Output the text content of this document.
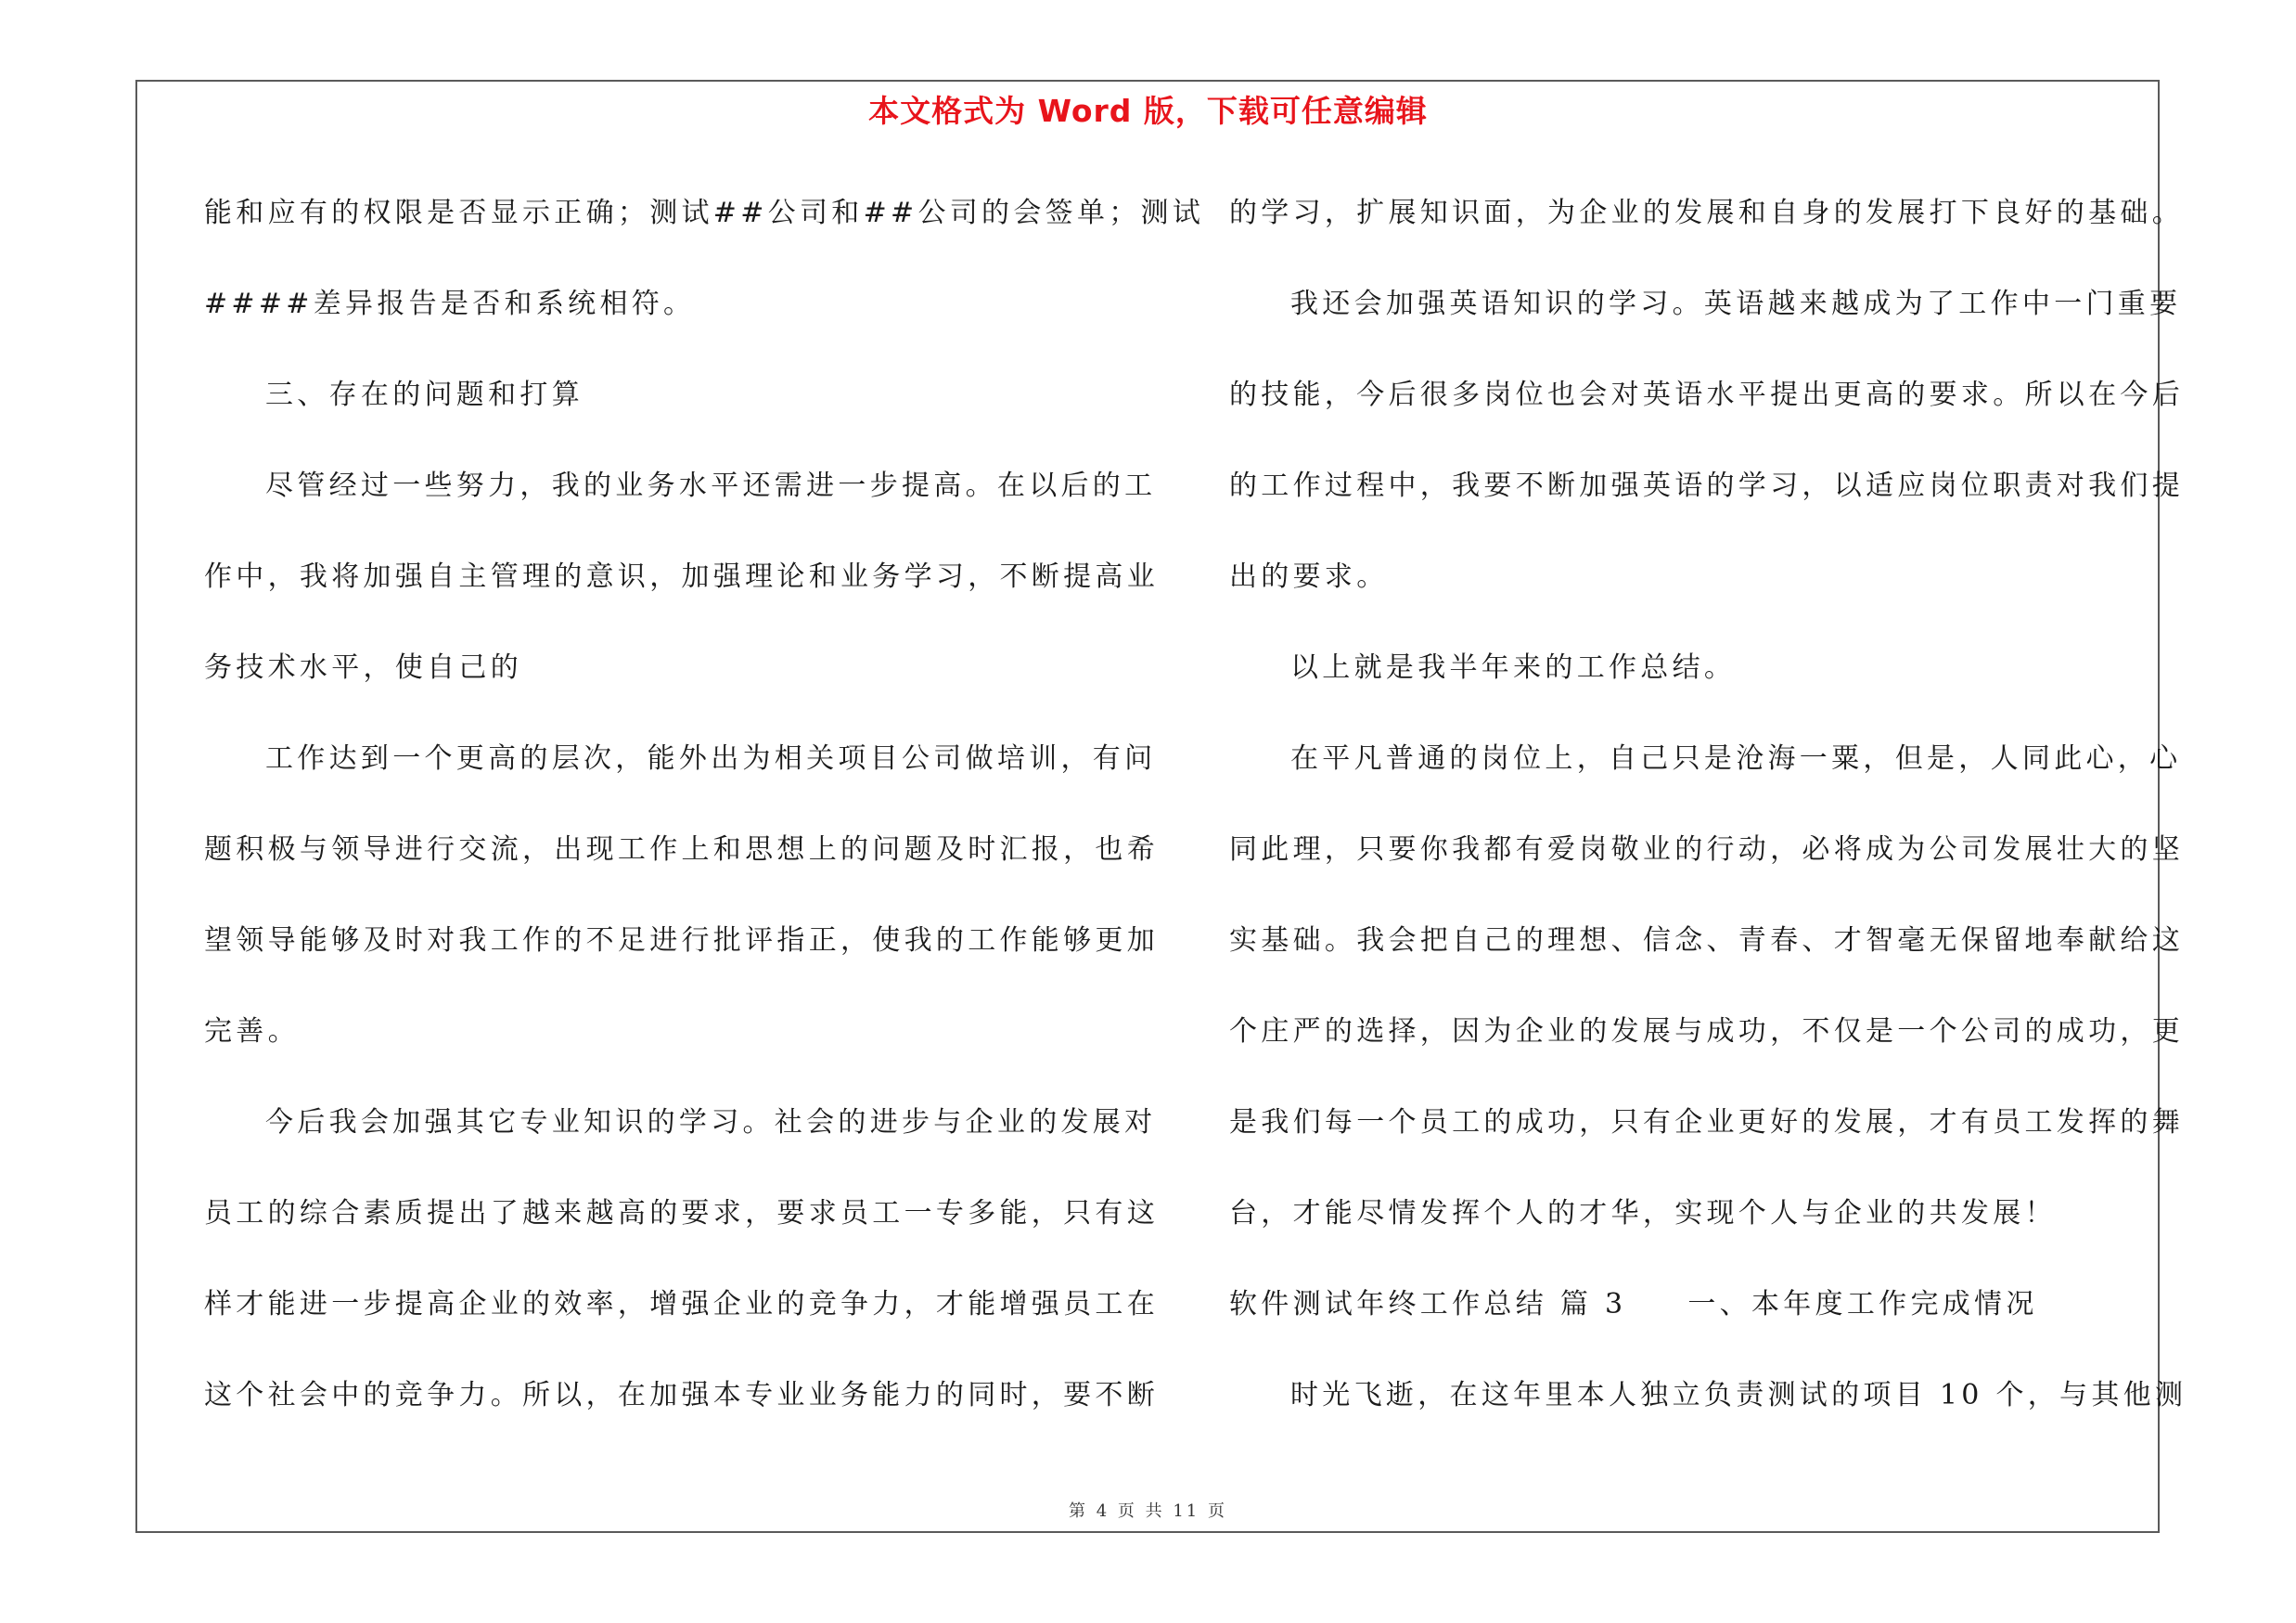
本文格式为 Word 版，下载可任意编辑
能和应有的权限是否显示正确；测试##公司和##公司的会签单；测试
####差异报告是否和系统相符。
三、存在的问题和打算
尽管经过一些努力，我的业务水平还需进一步提高。在以后的工
作中，我将加强自主管理的意识，加强理论和业务学习，不断提高业
务技术水平，使自己的
工作达到一个更高的层次，能外出为相关项目公司做培训，有问
题积极与领导进行交流，出现工作上和思想上的问题及时汇报，也希
望领导能够及时对我工作的不足进行批评指正，使我的工作能够更加
完善。
今后我会加强其它专业知识的学习。社会的进步与企业的发展对
员工的综合素质提出了越来越高的要求，要求员工一专多能，只有这
样才能进一步提高企业的效率，增强企业的竞争力，才能增强员工在
这个社会中的竞争力。所以，在加强本专业业务能力的同时，要不断
的学习，扩展知识面，为企业的发展和自身的发展打下良好的基础。
我还会加强英语知识的学习。英语越来越成为了工作中一门重要
的技能，今后很多岗位也会对英语水平提出更高的要求。所以在今后
的工作过程中，我要不断加强英语的学习，以适应岗位职责对我们提
出的要求。
以上就是我半年来的工作总结。
在平凡普通的岗位上，自己只是沧海一粟，但是，人同此心，心
同此理，只要你我都有爱岗敬业的行动，必将成为公司发展壮大的坚
实基础。我会把自己的理想、信念、青春、才智毫无保留地奉献给这
个庄严的选择，因为企业的发展与成功，不仅是一个公司的成功，更
是我们每一个员工的成功，只有企业更好的发展，才有员工发挥的舞
台，才能尽情发挥个人的才华，实现个人与企业的共发展！
软件测试年终工作总结 篇 3 一、本年度工作完成情况
时光飞逝，在这年里本人独立负责测试的项目 10 个，与其他测
第 4 页 共 11 页
